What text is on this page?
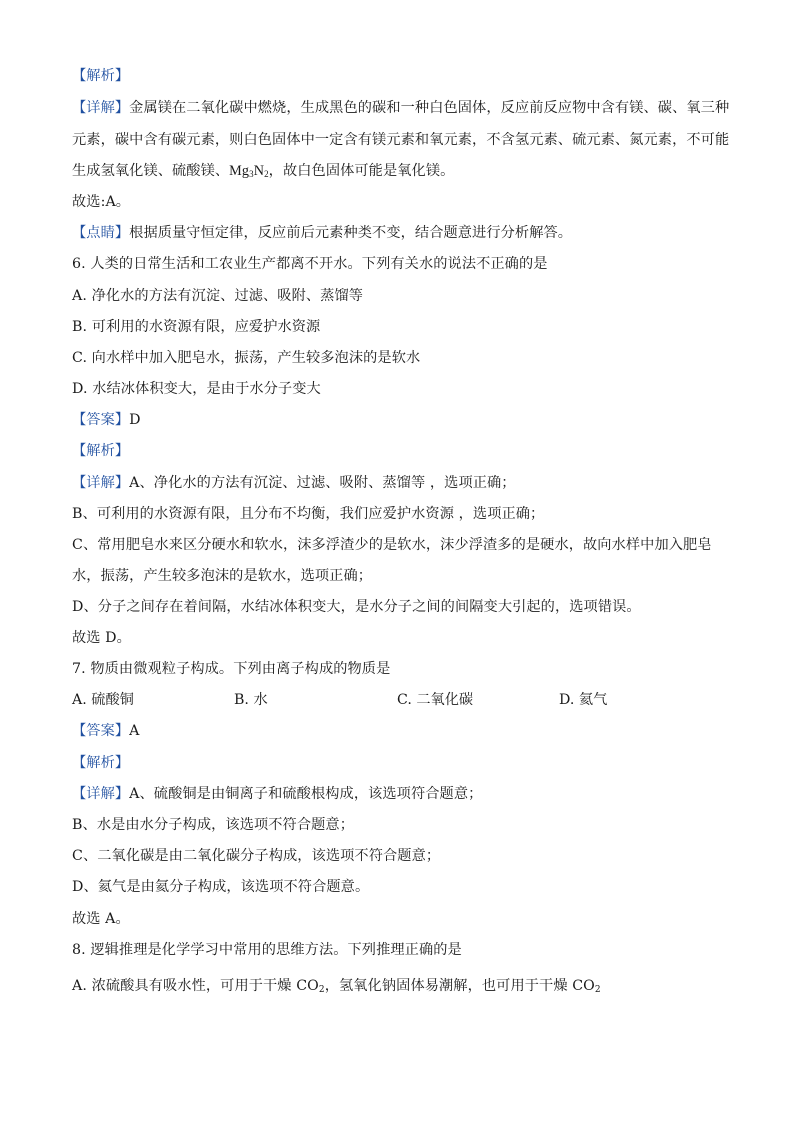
【解析】
【详解】金属镁在二氧化碳中燃烧，生成黑色的碳和一种白色固体，反应前反应物中含有镁、碳、氧三种
元素，碳中含有碳元素，则白色固体中一定含有镁元素和氧元素，不含氢元素、硫元素、氮元素，不可能
生成氢氧化镁、硫酸镁、$Mg_3N_2$，故白色固体可能是氧化镁。
故选:A。
【点睛】根据质量守恒定律，反应前后元素种类不变，结合题意进行分析解答。
6. 人类的日常生活和工农业生产都离不开水。下列有关水的说法不正确的是
A. 净化水的方法有沉淀、过滤、吸附、蒸馏等
B. 可利用的水资源有限，应爱护水资源
C. 向水样中加入肥皂水，振荡，产生较多泡沫的是软水
D. 水结冰体积变大，是由于水分子变大
【答案】D
【解析】
【详解】A、净化水的方法有沉淀、过滤、吸附、蒸馏等 ，选项正确；
B、可利用的水资源有限，且分布不均衡，我们应爱护水资源 ，选项正确；
C、常用肥皂水来区分硬水和软水，沫多浮渣少的是软水，沫少浮渣多的是硬水，故向水样中加入肥皂
水，振荡，产生较多泡沫的是软水，选项正确；
D、分子之间存在着间隔，水结冰体积变大，是水分子之间的间隔变大引起的，选项错误。
故选 D。
7. 物质由微观粒子构成。下列由离子构成的物质是
A. 硫酸铜	B. 水	C. 二氧化碳	D. 氦气
【答案】A
【解析】
【详解】A、硫酸铜是由铜离子和硫酸根构成，该选项符合题意；
B、水是由水分子构成，该选项不符合题意；
C、二氧化碳是由二氧化碳分子构成，该选项不符合题意；
D、氦气是由氦分子构成，该选项不符合题意。
故选 A。
8. 逻辑推理是化学学习中常用的思维方法。下列推理正确的是
A. 浓硫酸具有吸水性，可用于干燥 $CO_2$，氢氧化钠固体易潮解，也可用于干燥 $CO_2$
